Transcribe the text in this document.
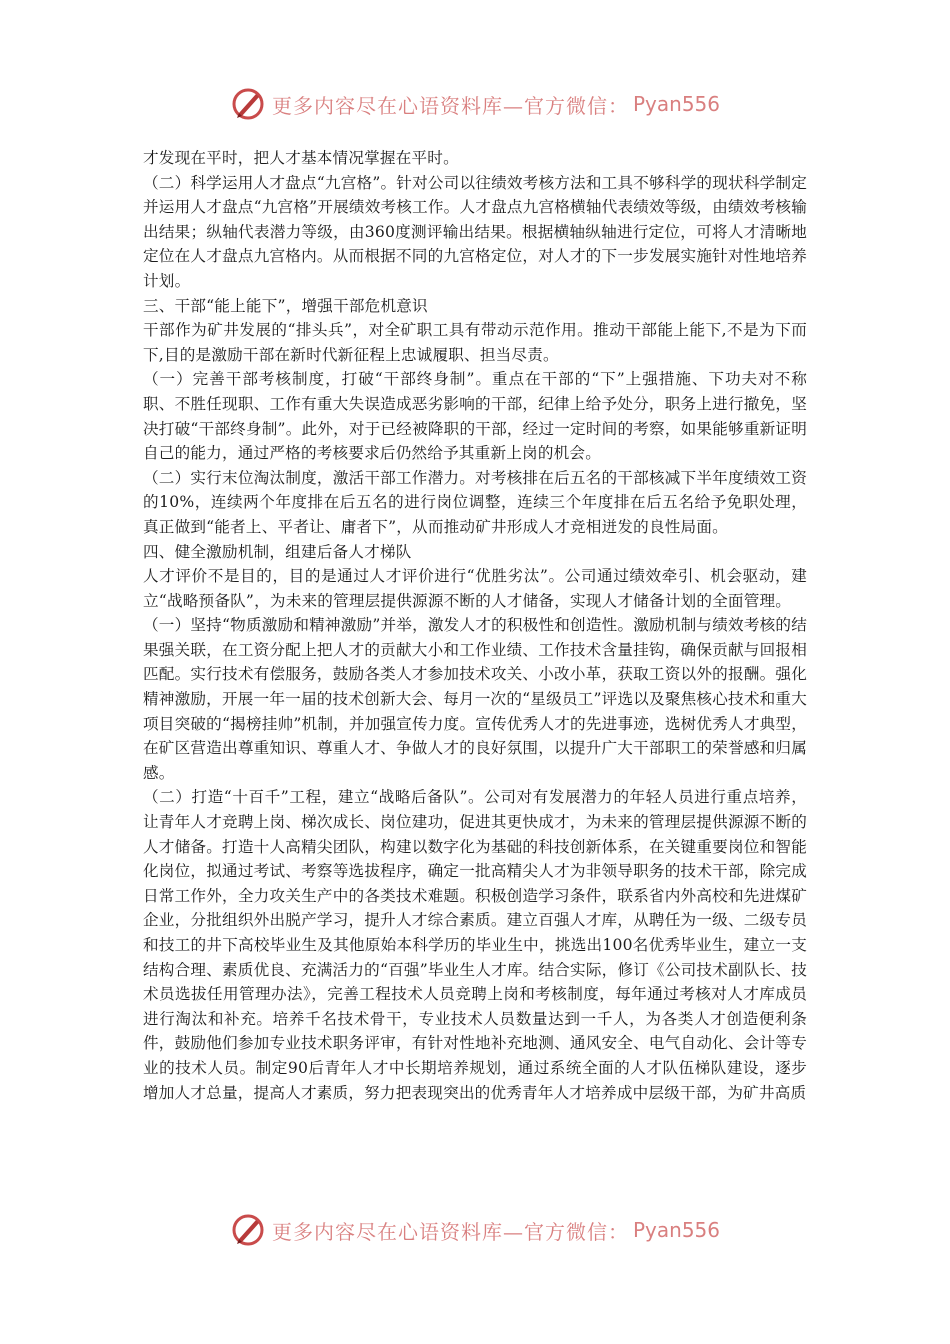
更多内容尽在心语资料库—官方微信： Pyan556

才发现在平时，把人才基本情况掌握在平时。

（二）科学运用人才盘点“九宫格”。针对公司以往绩效考核方法和工具不够科学的现状科学制定并运用人才盘点“九宫格”开展绩效考核工作。人才盘点九宫格横轴代表绩效等级，由绩效考核输出结果；纵轴代表潜力等级，由360度测评输出结果。根据横轴纵轴进行定位，可将人才清晰地定位在人才盘点九宫格内。从而根据不同的九宫格定位，对人才的下一步发展实施针对性地培养计划。

三、干部“能上能下”，增强干部危机意识

干部作为矿井发展的“排头兵”，对全矿职工具有带动示范作用。推动干部能上能下,不是为下而下,目的是激励干部在新时代新征程上忠诚履职、担当尽责。

（一）完善干部考核制度，打破“干部终身制”。重点在干部的“下”上强措施、下功夫对不称职、不胜任现职、工作有重大失误造成恶劣影响的干部，纪律上给予处分，职务上进行撤免，坚决打破“干部终身制”。此外，对于已经被降职的干部，经过一定时间的考察，如果能够重新证明自己的能力，通过严格的考核要求后仍然给予其重新上岗的机会。

（二）实行末位淘汰制度，激活干部工作潜力。对考核排在后五名的干部核减下半年度绩效工资的10%，连续两个年度排在后五名的进行岗位调整，连续三个年度排在后五名给予免职处理，真正做到“能者上、平者让、庸者下”，从而推动矿井形成人才竞相迸发的良性局面。

四、健全激励机制，组建后备人才梯队

人才评价不是目的，目的是通过人才评价进行“优胜劣汰”。公司通过绩效牵引、机会驱动，建立“战略预备队”，为未来的管理层提供源源不断的人才储备，实现人才储备计划的全面管理。

（一）坚持“物质激励和精神激励”并举，激发人才的积极性和创造性。激励机制与绩效考核的结果强关联，在工资分配上把人才的贡献大小和工作业绩、工作技术含量挂钩，确保贡献与回报相匹配。实行技术有偿服务，鼓励各类人才参加技术攻关、小改小革，获取工资以外的报酬。强化精神激励，开展一年一届的技术创新大会、每月一次的“星级员工”评选以及聚焦核心技术和重大项目突破的“揭榜挂帅”机制，并加强宣传力度。宣传优秀人才的先进事迹，选树优秀人才典型，在矿区营造出尊重知识、尊重人才、争做人才的良好氛围，以提升广大干部职工的荣誉感和归属感。

（二）打造“十百千”工程，建立“战略后备队”。公司对有发展潜力的年轻人员进行重点培养，让青年人才竞聘上岗、梯次成长、岗位建功，促进其更快成才，为未来的管理层提供源源不断的人才储备。打造十人高精尖团队，构建以数字化为基础的科技创新体系，在关键重要岗位和智能化岗位，拟通过考试、考察等选拔程序，确定一批高精尖人才为非领导职务的技术干部，除完成日常工作外，全力攻关生产中的各类技术难题。积极创造学习条件，联系省内外高校和先进煤矿企业，分批组织外出脱产学习，提升人才综合素质。建立百强人才库，从聘任为一级、二级专员和技工的井下高校毕业生及其他原始本科学历的毕业生中，挑选出100名优秀毕业生，建立一支结构合理、素质优良、充满活力的“百强”毕业生人才库。结合实际，修订《公司技术副队长、技术员选拔任用管理办法》，完善工程技术人员竞聘上岗和考核制度，每年通过考核对人才库成员进行淘汰和补充。培养千名技术骨干，专业技术人员数量达到一千人，为各类人才创造便利条件，鼓励他们参加专业技术职务评审，有针对性地补充地测、通风安全、电气自动化、会计等专业的技术人员。制定90后青年人才中长期培养规划，通过系统全面的人才队伍梯队建设，逐步增加人才总量，提高人才素质，努力把表现突出的优秀青年人才培养成中层级干部，为矿井高质

更多内容尽在心语资料库—官方微信： Pyan556
